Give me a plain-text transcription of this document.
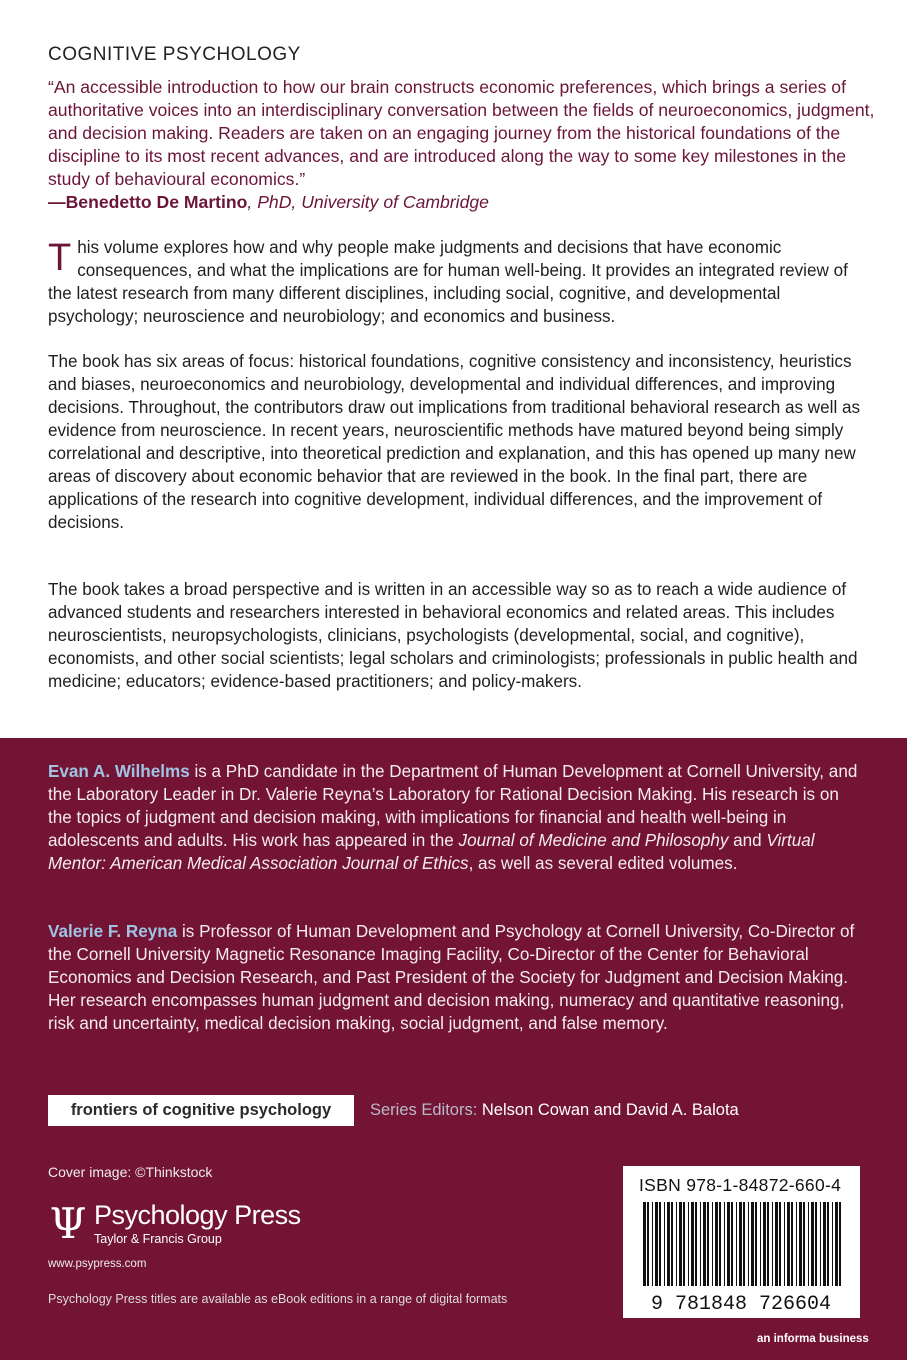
COGNITIVE PSYCHOLOGY
“An accessible introduction to how our brain constructs economic preferences, which brings a series of authoritative voices into an interdisciplinary conversation between the fields of neuroeconomics, judgment, and decision making. Readers are taken on an engaging journey from the historical foundations of the discipline to its most recent advances, and are introduced along the way to some key milestones in the study of behavioural economics.”
—Benedetto De Martino, PhD, University of Cambridge

This volume explores how and why people make judgments and decisions that have economic consequences, and what the implications are for human well-being. It provides an integrated review of the latest research from many different disciplines, including social, cognitive, and developmental psychology; neuroscience and neurobiology; and economics and business.

The book has six areas of focus: historical foundations, cognitive consistency and inconsistency, heuristics and biases, neuroeconomics and neurobiology, developmental and individual differences, and improving decisions. Throughout, the contributors draw out implications from traditional behavioral research as well as evidence from neuroscience. In recent years, neuroscientific methods have matured beyond being simply correlational and descriptive, into theoretical prediction and explanation, and this has opened up many new areas of discovery about economic behavior that are reviewed in the book. In the final part, there are applications of the research into cognitive development, individual differences, and the improvement of decisions.

The book takes a broad perspective and is written in an accessible way so as to reach a wide audience of advanced students and researchers interested in behavioral economics and related areas. This includes neuroscientists, neuropsychologists, clinicians, psychologists (developmental, social, and cognitive), economists, and other social scientists; legal scholars and criminologists; professionals in public health and medicine; educators; evidence-based practitioners; and policy-makers.

Evan A. Wilhelms is a PhD candidate in the Department of Human Development at Cornell University, and the Laboratory Leader in Dr. Valerie Reyna’s Laboratory for Rational Decision Making. His research is on the topics of judgment and decision making, with implications for financial and health well-being in adolescents and adults. His work has appeared in the Journal of Medicine and Philosophy and Virtual Mentor: American Medical Association Journal of Ethics, as well as several edited volumes.

Valerie F. Reyna is Professor of Human Development and Psychology at Cornell University, Co-Director of the Cornell University Magnetic Resonance Imaging Facility, Co-Director of the Center for Behavioral Economics and Decision Research, and Past President of the Society for Judgment and Decision Making. Her research encompasses human judgment and decision making, numeracy and quantitative reasoning, risk and uncertainty, medical decision making, social judgment, and false memory.

frontiers of cognitive psychology	Series Editors: Nelson Cowan and David A. Balota
Cover image: ©Thinkstock
Ψ Psychology Press
Taylor & Francis Group
www.psypress.com
ISBN 978-1-84872-660-4
9 781848 726604
an informa business
Psychology Press titles are available as eBook editions in a range of digital formats
